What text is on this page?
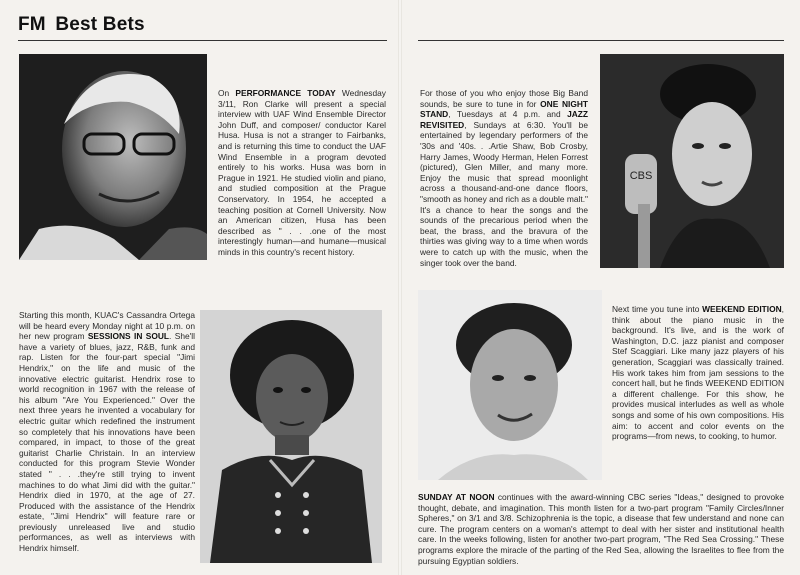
FM Best Bets

On PERFORMANCE TODAY Wednesday 3/11, Ron Clarke will present a special interview with UAF Wind Ensemble Director John Duff, and composer/ conductor Karel Husa. Husa is not a stranger to Fairbanks, and is returning this time to conduct the UAF Wind Ensemble in a program devoted entirely to his works. Husa was born in Prague in 1921. He studied violin and piano, and studied composition at the Prague Conservatory. In 1954, he accepted a teaching position at Cornell University. Now an American citizen, Husa has been described as " . . .one of the most interestingly human—and humane—musical minds in this country's recent history.

Starting this month, KUAC's Cassandra Ortega will be heard every Monday night at 10 p.m. on her new program SESSIONS IN SOUL. She'll have a variety of blues, jazz, R&B, funk and rap. Listen for the four-part special "Jimi Hendrix," on the life and music of the innovative electric guitarist. Hendrix rose to world recognition in 1967 with the release of his album "Are You Experienced." Over the next three years he invented a vocabulary for electric guitar which redefined the instrument so completely that his innovations have been compared, in impact, to those of the great guitarist Charlie Christain. In an interview conducted for this program Stevie Wonder stated " . . .they're still trying to invent machines to do what Jimi did with the guitar." Hendrix died in 1970, at the age of 27. Produced with the assistance of the Hendrix estate, "Jimi Hendrix" will feature rare or previously unreleased live and studio performances, as well as interviews with Hendrix himself.

For those of you who enjoy those Big Band sounds, be sure to tune in for ONE NIGHT STAND, Tuesdays at 4 p.m. and JAZZ REVISITED, Sundays at 6:30. You'll be entertained by legendary performers of the '30s and '40s. . .Artie Shaw, Bob Crosby, Harry James, Woody Herman, Helen Forrest (pictured), Glen Miller, and many more. Enjoy the music that spread moonlight across a thousand-and-one dance floors, "smooth as honey and rich as a double malt." It's a chance to hear the songs and the sounds of the precarious period when the beat, the brass, and the bravura of the thirties was giving way to a time when words were to catch up with the music, when the singer took over the band.

CBS

Next time you tune into WEEKEND EDITION, think about the piano music in the background. It's live, and is the work of Washington, D.C. jazz pianist and composer Stef Scaggiari. Like many jazz players of his generation, Scaggiari was classically trained. His work takes him from jam sessions to the concert hall, but he finds WEEKEND EDITION a different challenge. For this show, he provides musical interludes as well as whole songs and some of his own compositions. His aim: to accent and color events on the programs—from news, to cooking, to humor.

SUNDAY AT NOON continues with the award-winning CBC series "Ideas," designed to provoke thought, debate, and imagination. This month listen for a two-part program "Family Circles/Inner Spheres," on 3/1 and 3/8. Schizophrenia is the topic, a disease that few understand and none can cure. The program centers on a woman's attempt to deal with her sister and institutional health care. In the weeks following, listen for another two-part program, "The Red Sea Crossing." These programs explore the miracle of the parting of the Red Sea, allowing the Israelites to flee from the pursuing Egyptian soldiers.
